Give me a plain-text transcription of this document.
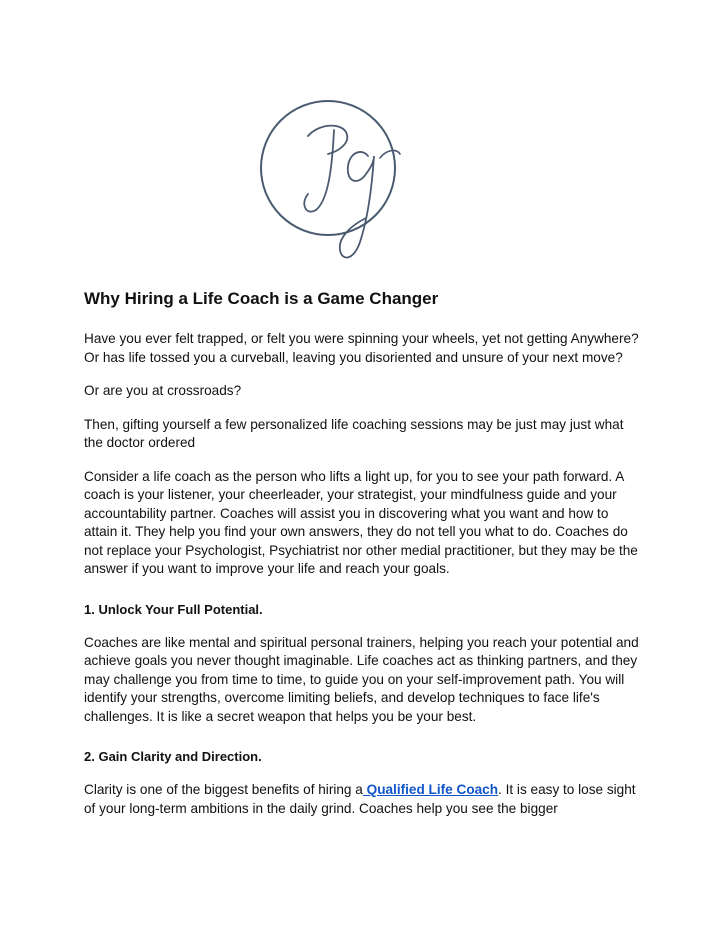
Why Hiring a Life Coach is a Game Changer

Have you ever felt trapped, or felt you were spinning your wheels, yet not getting Anywhere? Or has life tossed you a curveball, leaving you disoriented and unsure of your next move?

Or are you at crossroads?

Then, gifting yourself a few personalized life coaching sessions may be just may just what the doctor ordered

Consider a life coach as the person who lifts a light up, for you to see your path forward. A coach is your listener, your cheerleader, your strategist, your mindfulness guide and your accountability partner. Coaches will assist you in discovering what you want and how to attain it. They help you find your own answers, they do not tell you what to do. Coaches do not replace your Psychologist, Psychiatrist nor other medial practitioner, but they may be the answer if you want to improve your life and reach your goals.

1. Unlock Your Full Potential.

Coaches are like mental and spiritual personal trainers, helping you reach your potential and achieve goals you never thought imaginable. Life coaches act as thinking partners, and they may challenge you from time to time, to guide you on your self-improvement path. You will identify your strengths, overcome limiting beliefs, and develop techniques to face life's challenges. It is like a secret weapon that helps you be your best.

2. Gain Clarity and Direction.

Clarity is one of the biggest benefits of hiring a Qualified Life Coach. It is easy to lose sight of your long-term ambitions in the daily grind. Coaches help you see the bigger
